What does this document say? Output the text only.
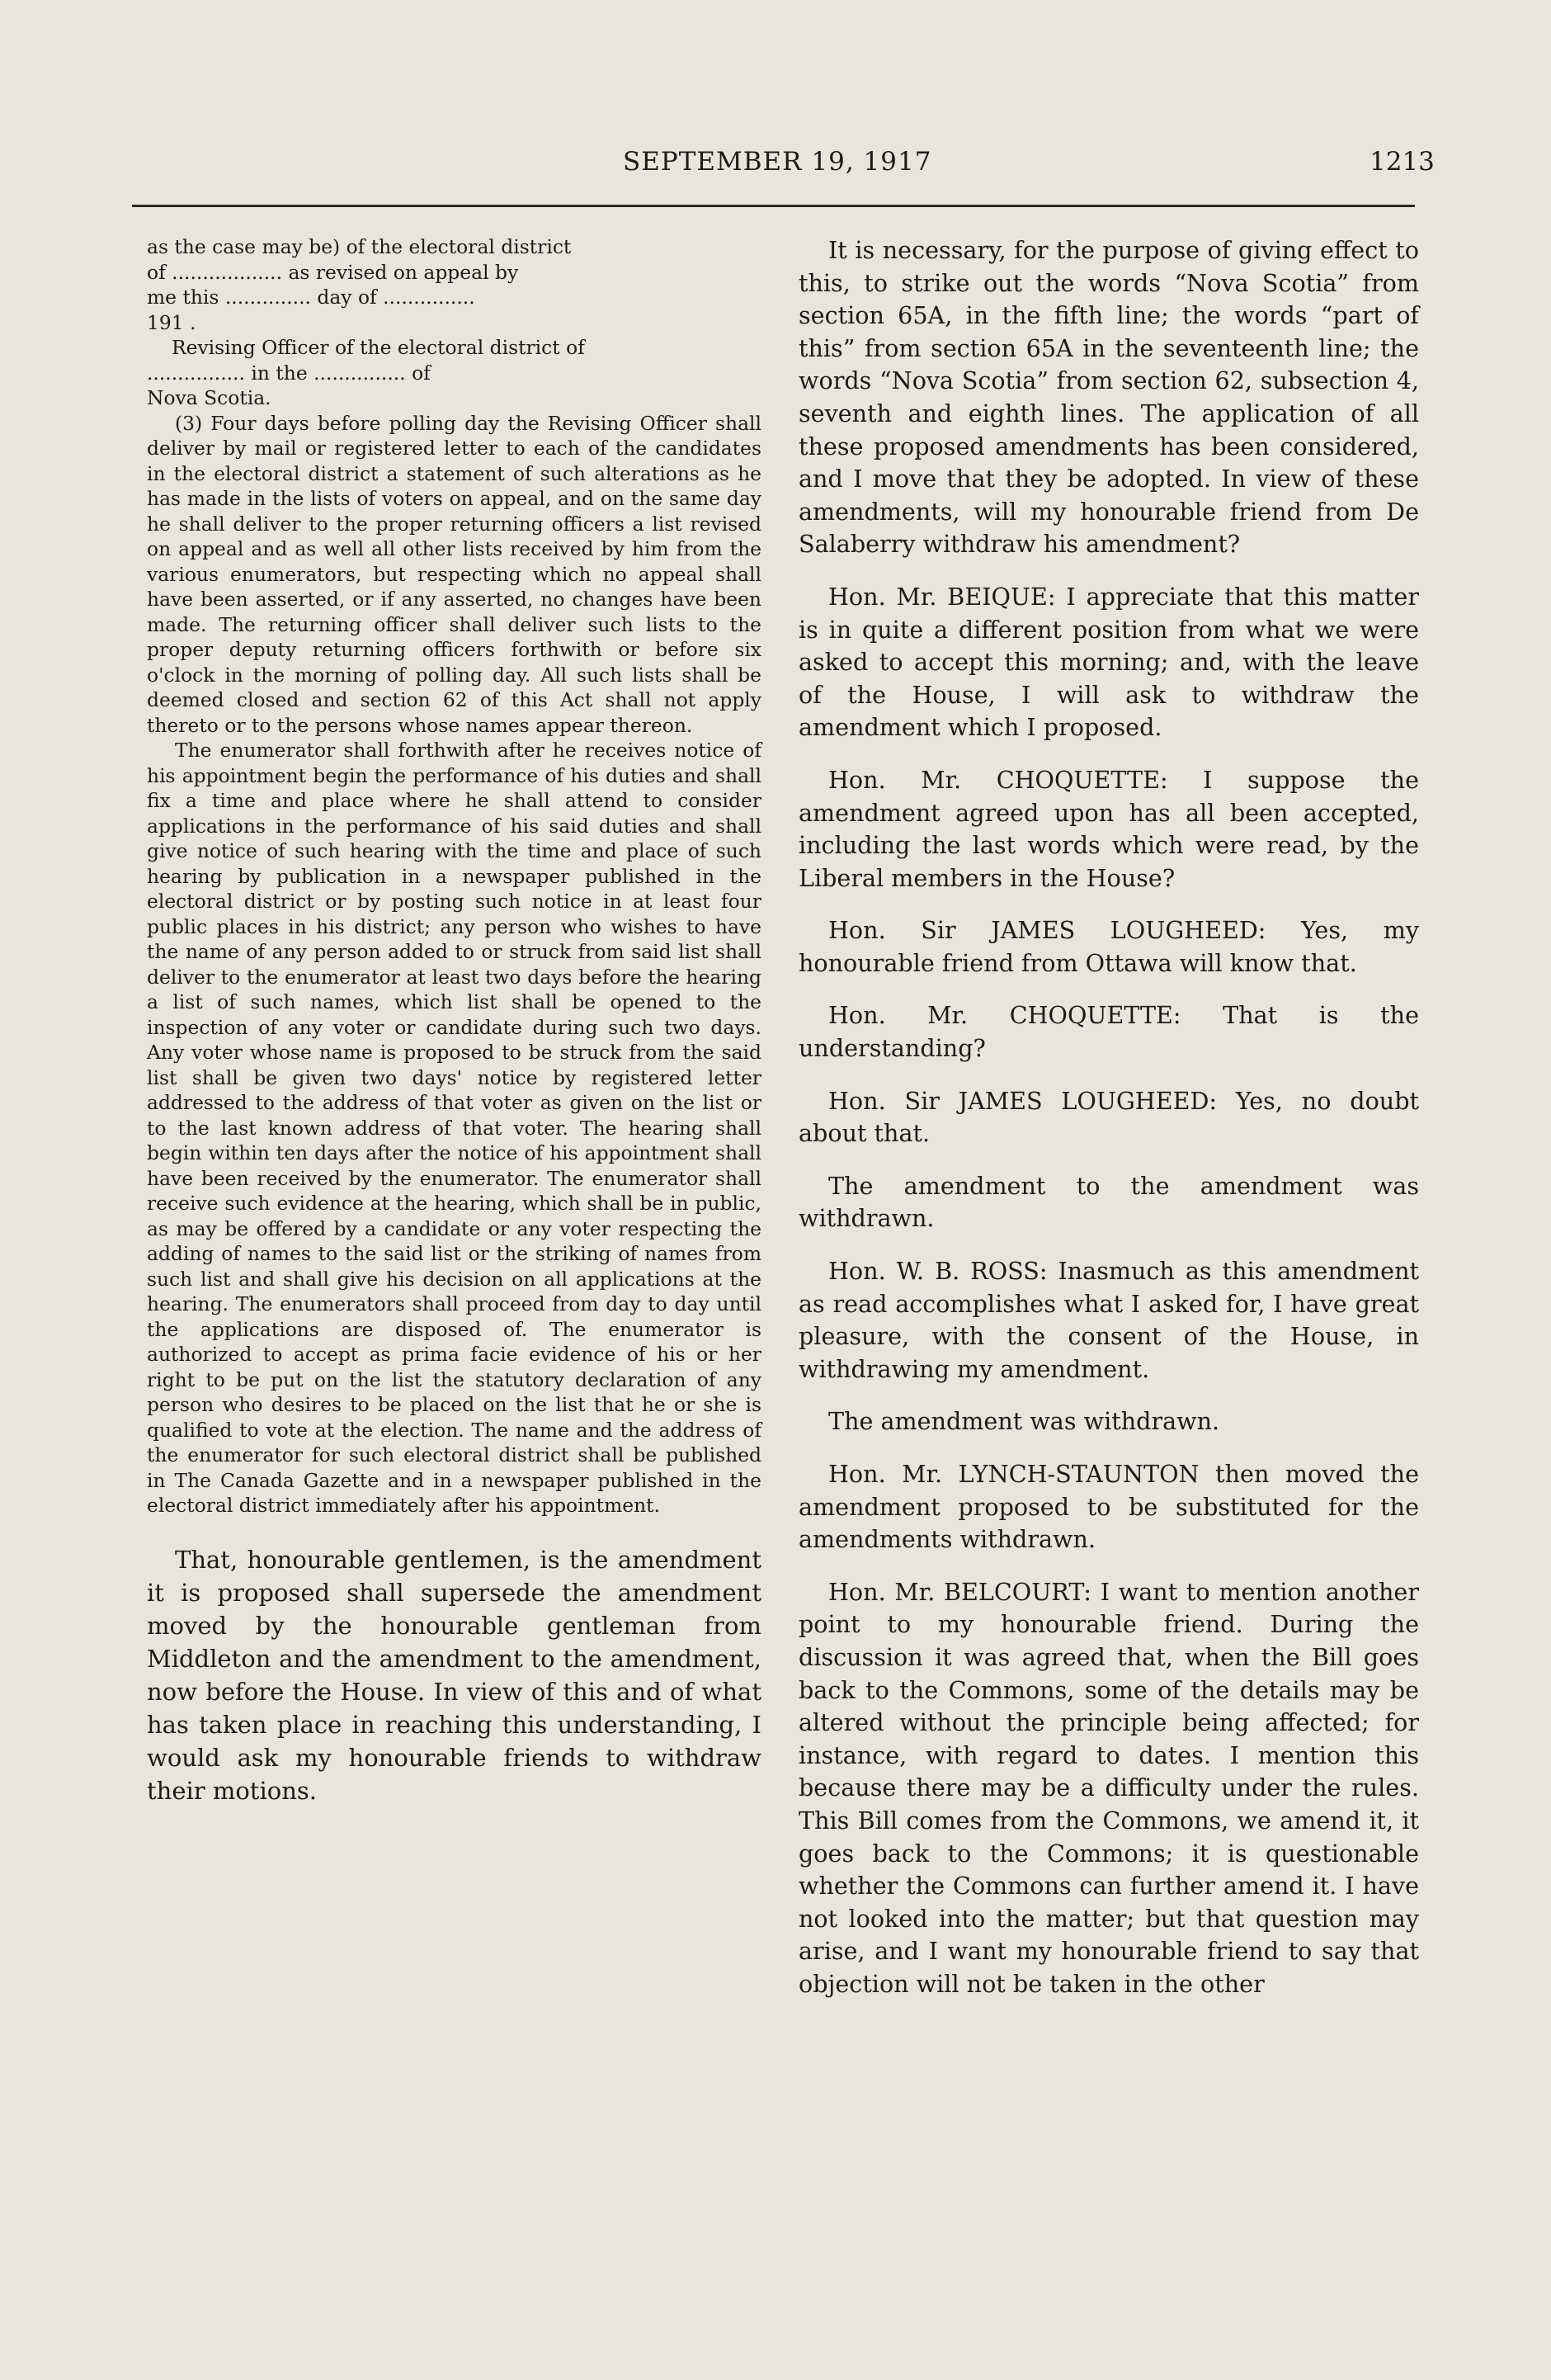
SEPTEMBER 19, 1917	1213
as the case may be) of the electoral district
of .................. as revised on appeal by
me this .............. day of ...............
191 .
Revising Officer of the electoral district of
................ in the ............... of
Nova Scotia.

(3) Four days before polling day the Revising Officer shall deliver by mail or registered letter to each of the candidates in the electoral district a statement of such alterations as he has made in the lists of voters on appeal, and on the same day he shall deliver to the proper returning officers a list revised on appeal and as well all other lists received by him from the various enumerators, but respecting which no appeal shall have been asserted, or if any asserted, no changes have been made. The returning officer shall deliver such lists to the proper deputy returning officers forthwith or before six o'clock in the morning of polling day. All such lists shall be deemed closed and section 62 of this Act shall not apply thereto or to the persons whose names appear thereon.

The enumerator shall forthwith after he receives notice of his appointment begin the performance of his duties and shall fix a time and place where he shall attend to consider applications in the performance of his said duties and shall give notice of such hearing with the time and place of such hearing by publication in a newspaper published in the electoral district or by posting such notice in at least four public places in his district; any person who wishes to have the name of any person added to or struck from said list shall deliver to the enumerator at least two days before the hearing a list of such names, which list shall be opened to the inspection of any voter or candidate during such two days. Any voter whose name is proposed to be struck from the said list shall be given two days' notice by registered letter addressed to the address of that voter as given on the list or to the last known address of that voter. The hearing shall begin within ten days after the notice of his appointment shall have been received by the enumerator. The enumerator shall receive such evidence at the hearing, which shall be in public, as may be offered by a candidate or any voter respecting the adding of names to the said list or the striking of names from such list and shall give his decision on all applications at the hearing. The enumerators shall proceed from day to day until the applications are disposed of. The enumerator is authorized to accept as prima facie evidence of his or her right to be put on the list the statutory declaration of any person who desires to be placed on the list that he or she is qualified to vote at the election. The name and the address of the enumerator for such electoral district shall be published in The Canada Gazette and in a newspaper published in the electoral district immediately after his appointment.

That, honourable gentlemen, is the amendment it is proposed shall supersede the amendment moved by the honourable gentleman from Middleton and the amendment to the amendment, now before the House. In view of this and of what has taken place in reaching this understanding, I would ask my honourable friends to withdraw their motions.

It is necessary, for the purpose of giving effect to this, to strike out the words “Nova Scotia” from section 65A, in the fifth line; the words “part of this” from section 65A in the seventeenth line; the words “Nova Scotia” from section 62, subsection 4, seventh and eighth lines. The application of all these proposed amendments has been considered, and I move that they be adopted. In view of these amendments, will my honourable friend from De Salaberry withdraw his amendment?

Hon. Mr. BEIQUE: I appreciate that this matter is in quite a different position from what we were asked to accept this morning; and, with the leave of the House, I will ask to withdraw the amendment which I proposed.

Hon. Mr. CHOQUETTE: I suppose the amendment agreed upon has all been accepted, including the last words which were read, by the Liberal members in the House?

Hon. Sir JAMES LOUGHEED: Yes, my honourable friend from Ottawa will know that.

Hon. Mr. CHOQUETTE: That is the understanding?

Hon. Sir JAMES LOUGHEED: Yes, no doubt about that.

The amendment to the amendment was withdrawn.

Hon. W. B. ROSS: Inasmuch as this amendment as read accomplishes what I asked for, I have great pleasure, with the consent of the House, in withdrawing my amendment.

The amendment was withdrawn.

Hon. Mr. LYNCH-STAUNTON then moved the amendment proposed to be substituted for the amendments withdrawn.

Hon. Mr. BELCOURT: I want to mention another point to my honourable friend. During the discussion it was agreed that, when the Bill goes back to the Commons, some of the details may be altered without the principle being affected; for instance, with regard to dates. I mention this because there may be a difficulty under the rules. This Bill comes from the Commons, we amend it, it goes back to the Commons; it is questionable whether the Commons can further amend it. I have not looked into the matter; but that question may arise, and I want my honourable friend to say that objection will not be taken in the other
